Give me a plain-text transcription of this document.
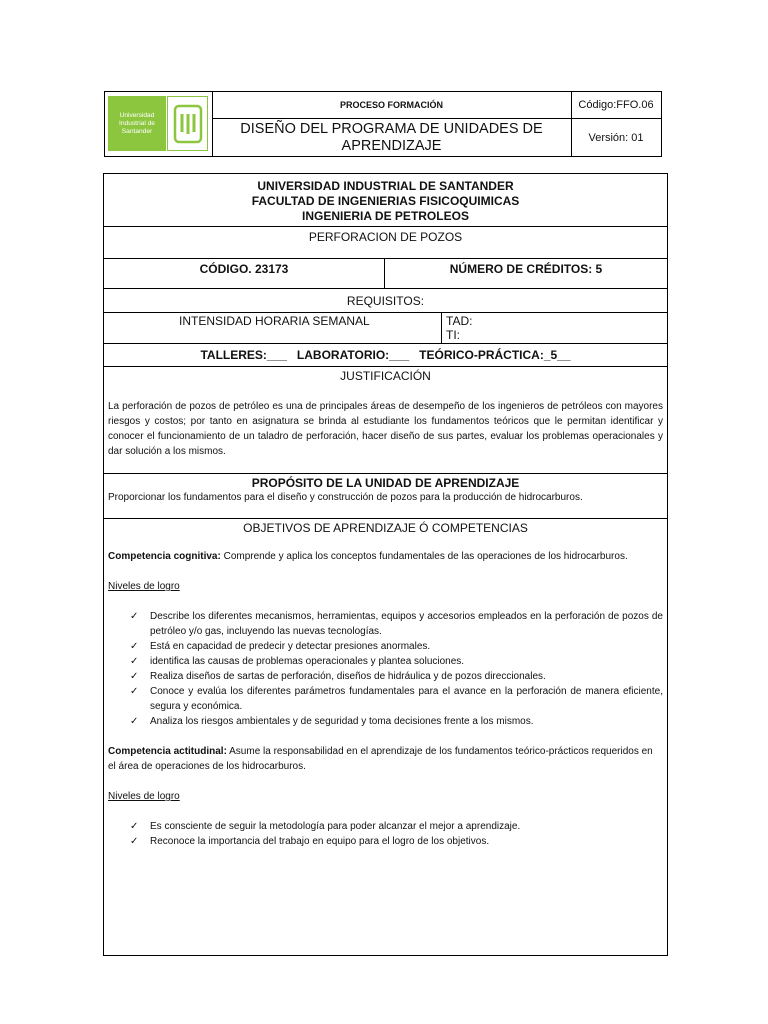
Universidad Industrial de Santander
PROCESO FORMACIÓN
DISEÑO DEL PROGRAMA DE UNIDADES DE APRENDIZAJE
Código:FFO.06
Versión: 01
UNIVERSIDAD INDUSTRIAL DE SANTANDER
FACULTAD DE INGENIERIAS FISICOQUIMICAS
INGENIERIA DE PETROLEOS
PERFORACION DE POZOS
CÓDIGO. 23173	NÚMERO DE CRÉDITOS: 5
REQUISITOS:
INTENSIDAD HORARIA SEMANAL	TAD:
TI:
TALLERES:___   LABORATORIO:___   TEÓRICO-PRÁCTICA:_5__
JUSTIFICACIÓN
La perforación de pozos de petróleo es una de principales áreas de desempeño de los ingenieros de petróleos con mayores riesgos y costos; por tanto en asignatura se brinda al estudiante los fundamentos teóricos que le permitan identificar y conocer el funcionamiento de un taladro de perforación, hacer diseño de sus partes, evaluar los problemas operacionales y dar solución a los mismos.
PROPÓSITO DE LA UNIDAD DE APRENDIZAJE
Proporcionar los fundamentos para el diseño y construcción de pozos para la producción de hidrocarburos.
OBJETIVOS DE APRENDIZAJE Ó COMPETENCIAS
Competencia cognitiva: Comprende y aplica los conceptos fundamentales de las operaciones de los hidrocarburos.
Niveles de logro
✓ Describe los diferentes mecanismos, herramientas, equipos y accesorios empleados en la perforación de pozos de petróleo y/o gas, incluyendo las nuevas tecnologías.
✓ Está en capacidad de predecir y detectar presiones anormales.
✓ identifica las causas de problemas operacionales y plantea soluciones.
✓ Realiza diseños de sartas de perforación, diseños de hidráulica y de pozos direccionales.
✓ Conoce y evalúa los diferentes parámetros fundamentales para el avance en la perforación de manera eficiente, segura y económica.
✓ Analiza los riesgos ambientales y de seguridad y toma decisiones frente a los mismos.
Competencia actitudinal: Asume la responsabilidad en el aprendizaje de los fundamentos teórico-prácticos requeridos en el área de operaciones de los hidrocarburos.
Niveles de logro
✓ Es consciente de seguir la metodología para poder alcanzar el mejor a aprendizaje.
✓ Reconoce la importancia del trabajo en equipo para el logro de los objetivos.
